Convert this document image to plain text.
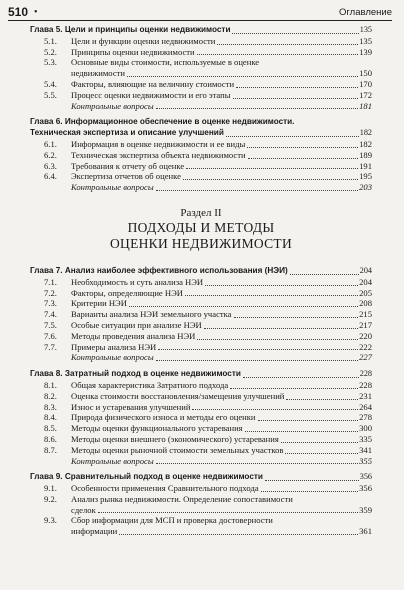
510 •	Оглавление
Глава 5. Цели и принципы оценки недвижимости	135
5.1.	Цели и функции оценки недвижимости	135
5.2.	Принципы оценки недвижимости	139
5.3.	Основные виды стоимости, используемые в оценке
недвижимости	150
5.4.	Факторы, влияющие на величину стоимости	170
5.5.	Процесс оценки недвижимости и его этапы	172
Контрольные вопросы	181
Глава 6. Информационное обеспечение в оценке недвижимости.
Техническая экспертиза и описание улучшений	182
6.1.	Информация в оценке недвижимости и ее виды	182
6.2.	Техническая экспертиза объекта недвижимости	189
6.3.	Требования к отчету об оценке	191
6.4.	Экспертиза отчетов об оценке	195
Контрольные вопросы	203
Раздел II
ПОДХОДЫ И МЕТОДЫ
ОЦЕНКИ НЕДВИЖИМОСТИ
Глава 7. Анализ наиболее эффективного использования (НЭИ)	204
7.1.	Необходимость и суть анализа НЭИ	204
7.2.	Факторы, определяющие НЭИ	205
7.3.	Критерии НЭИ	208
7.4.	Варианты анализа НЭИ земельного участка	215
7.5.	Особые ситуации при анализе НЭИ	217
7.6.	Методы проведения анализа НЭИ	220
7.7.	Примеры анализа НЭИ	222
Контрольные вопросы	227
Глава 8. Затратный подход в оценке недвижимости	228
8.1.	Общая характеристика Затратного подхода	228
8.2.	Оценка стоимости восстановления/замещения улучшений	231
8.3.	Износ и устаревания улучшений	264
8.4.	Природа физического износа и методы его оценки	278
8.5.	Методы оценки функционального устаревания	300
8.6.	Методы оценки внешнего (экономического) устаревания	335
8.7.	Методы оценки рыночной стоимости земельных участков	341
Контрольные вопросы	355
Глава 9. Сравнительный подход в оценке недвижимости	356
9.1.	Особенности применения Сравнительного подхода	356
9.2.	Анализ рынка недвижимости. Определение сопоставимости
сделок	359
9.3.	Сбор информации для МСП и проверка достоверности
информации	361
